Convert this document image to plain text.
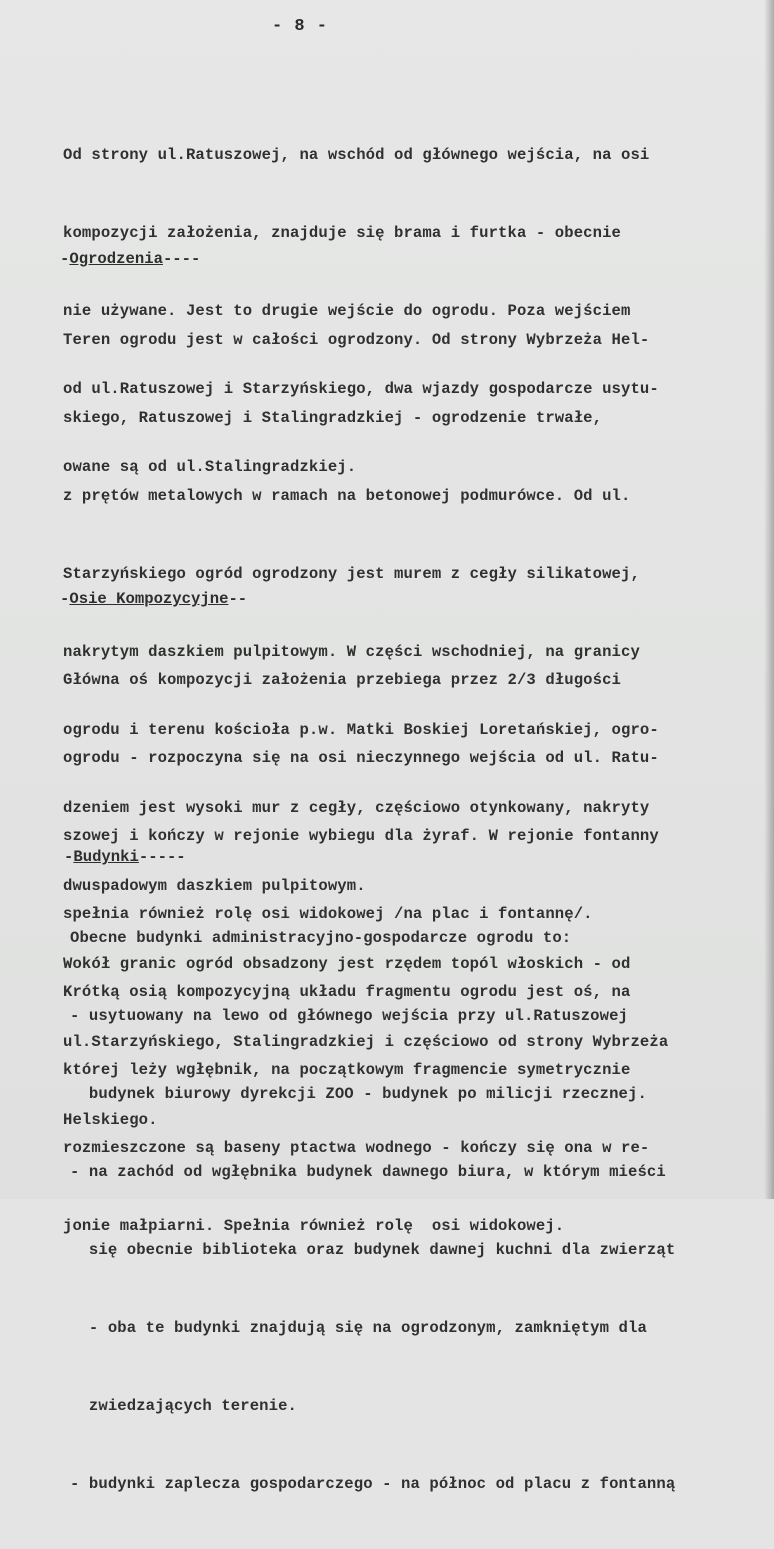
- 8 -

Od strony ul.Ratuszowej, na wschód od głównego wejścia, na osi

kompozycji założenia, znajduje się brama i furtka - obecnie

nie używane. Jest to drugie wejście do ogrodu. Poza wejściem

od ul.Ratuszowej i Starzyńskiego, dwa wjazdy gospodarcze usytu-

owane są od ul.Stalingradzkiej.

-Ogrodzenia----

Teren ogrodu jest w całości ogrodzony. Od strony Wybrzeża Hel-

skiego, Ratuszowej i Stalingradzkiej - ogrodzenie trwałe,

z prętów metalowych w ramach na betonowej podmurówce. Od ul.

Starzyńskiego ogród ogrodzony jest murem z cegły silikatowej,

nakrytym daszkiem pulpitowym. W części wschodniej, na granicy

ogrodu i terenu kościoła p.w. Matki Boskiej Loretańskiej, ogro-

dzeniem jest wysoki mur z cegły, częściowo otynkowany, nakryty

dwuspadowym daszkiem pulpitowym.

Wokół granic ogród obsadzony jest rzędem topól włoskich - od

ul.Starzyńskiego, Stalingradzkiej i częściowo od strony Wybrzeża

Helskiego.

-Osie Kompozycyjne--

Główna oś kompozycji założenia przebiega przez 2/3 długości

ogrodu - rozpoczyna się na osi nieczynnego wejścia od ul. Ratu-

szowej i kończy w rejonie wybiegu dla żyraf. W rejonie fontanny

spełnia również rolę osi widokowej /na plac i fontannę/.

Krótką osią kompozycyjną układu fragmentu ogrodu jest oś, na

której leży wgłębnik, na początkowym fragmencie symetrycznie

rozmieszczone są baseny ptactwa wodnego - kończy się ona w re-

jonie małpiarni. Spełnia również rolę  osi widokowej.

-Budynki-----

Obecne budynki administracyjno-gospodarcze ogrodu to:

- usytuowany na lewo od głównego wejścia przy ul.Ratuszowej

budynek biurowy dyrekcji ZOO - budynek po milicji rzecznej.

- na zachód od wgłębnika budynek dawnego biura, w którym mieści

się obecnie biblioteka oraz budynek dawnej kuchni dla zwierząt

- oba te budynki znajdują się na ogrodzonym, zamkniętym dla

zwiedzających terenie.

- budynki zaplecza gospodarczego - na północ od placu z fontanną
